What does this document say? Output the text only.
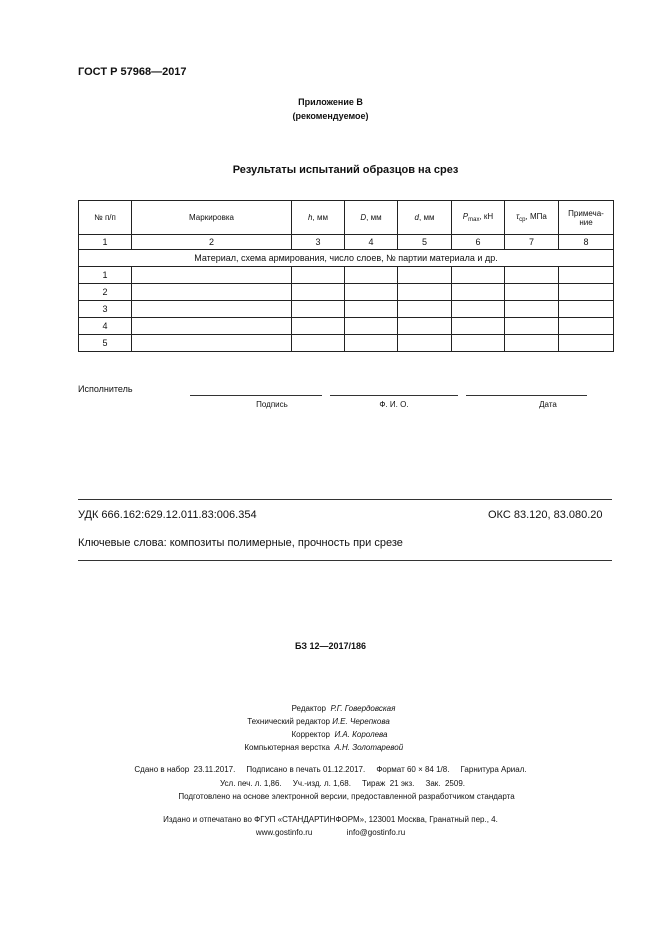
ГОСТ Р 57968—2017
Приложение В
(рекомендуемое)
Результаты испытаний образцов на срез
№ п/п	Маркировка	h, мм	D, мм	d, мм	$P_{max}$, кН	$\tau_{ср}$, МПа	Примеча-
ние
1	2	3	4	5	6	7	8
Материал, схема армирования, число слоев, № партии материала и др.							
1							
2							
3							
4							
5							
Исполнитель
Подпись	Ф. И. О.	Дата
УДК 666.162:629.12.011.83:006.354	ОКС 83.120, 83.080.20
Ключевые слова: композиты полимерные, прочность при срезе
БЗ 12—2017/186
Редактор Р.Г. Говердовская
Технический редактор И.Е. Черепкова
Корректор И.А. Королева
Компьютерная верстка А.Н. Золотаревой
Сдано в набор  23.11.2017.     Подписано в печать 01.12.2017.     Формат 60 × 84 1/8.     Гарнитура Ариал.
Усл. печ. л. 1,86.     Уч.-изд. л. 1,68.     Тираж  21 экз.     Зак.  2509.
Подготовлено на основе электронной версии, предоставленной разработчиком стандарта
Издано и отпечатано во ФГУП «СТАНДАРТИНФОРМ», 123001 Москва, Гранатный пер., 4.
www.gostinfo.ru	info@gostinfo.ru
